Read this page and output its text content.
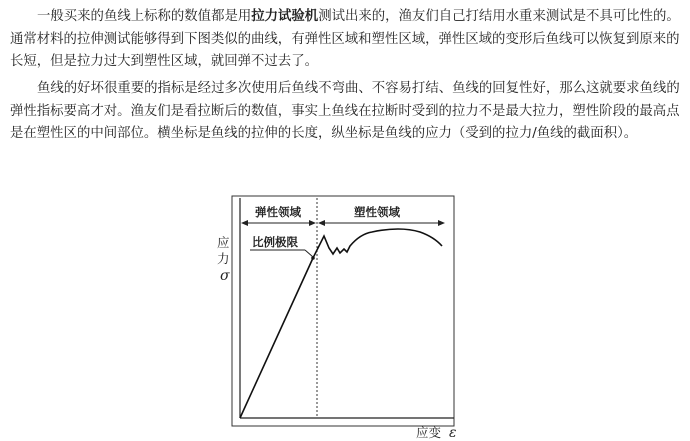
一般买来的鱼线上标称的数值都是用拉力试验机测试出来的，渔友们自己打结用水重来测试是不具可比性的。通常材料的拉伸测试能够得到下图类似的曲线，有弹性区域和塑性区域，弹性区域的变形后鱼线可以恢复到原来的长短，但是拉力过大到塑性区域，就回弹不过去了。

鱼线的好坏很重要的指标是经过多次使用后鱼线不弯曲、不容易打结、鱼线的回复性好，那么这就要求鱼线的弹性指标要高才对。渔友们是看拉断后的数值，事实上鱼线在拉断时受到的拉力不是最大拉力，塑性阶段的最高点是在塑性区的中间部位。横坐标是鱼线的拉伸的长度，纵坐标是鱼线的应力（受到的拉力/鱼线的截面积）。

弹性领域	塑性领域
比例极限
应
力
σ
应变 ε
